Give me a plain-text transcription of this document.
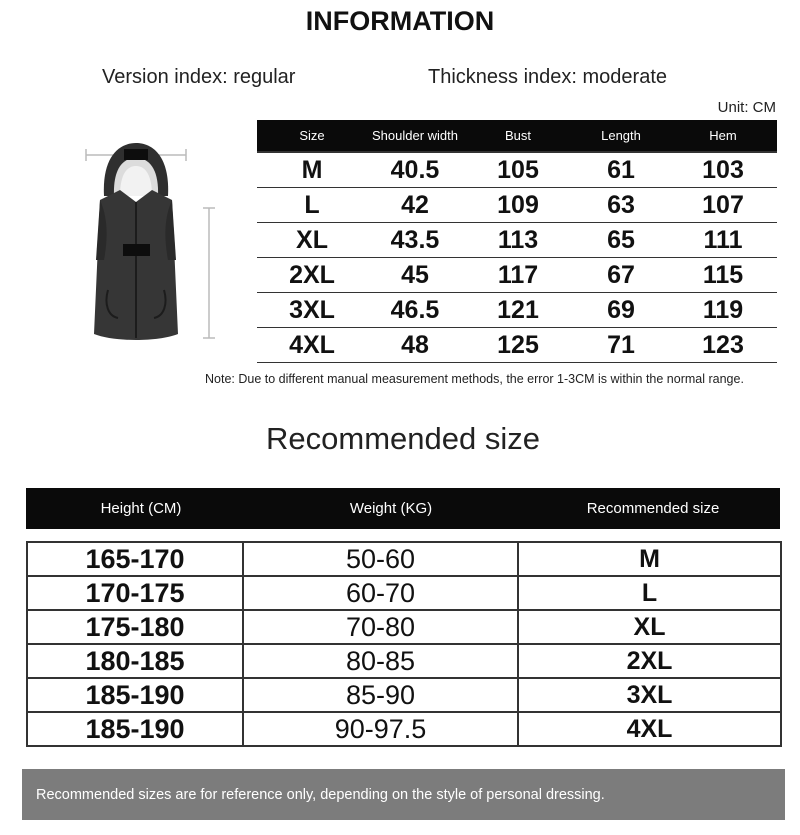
INFORMATION
Version index: regular	Thickness index: moderate
Unit: CM
Size	Shoulder width	Bust	Length	Hem
M	40.5	105	61	103
L	42	109	63	107
XL	43.5	113	65	111
2XL	45	117	67	115
3XL	46.5	121	69	119
4XL	48	125	71	123
Note: Due to different manual measurement methods, the error 1-3CM is within the normal range.
Recommended size
Height (CM)	Weight (KG)	Recommended size
165-170	50-60	M
170-175	60-70	L
175-180	70-80	XL
180-185	80-85	2XL
185-190	85-90	3XL
185-190	90-97.5	4XL
Recommended sizes are for reference only, depending on the style of personal dressing.
